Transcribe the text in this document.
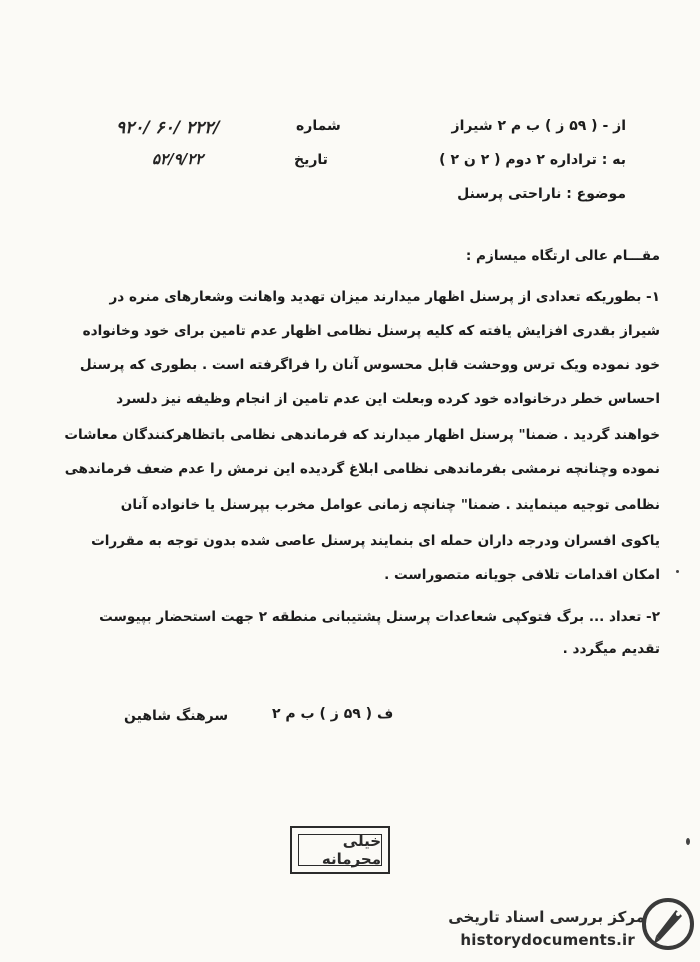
از - ( ۵۹ ز ) ب م ۲ شیراز
به : تراداره ۲ دوم ( ۲ ن ۲ )
موضوع : ناراحتی پرسنل
شماره
۹۲۰/ ۶۰/ ۲۲۲/
تاریخ
۵۲/۹/۲۲
مقـــام عالی ارتگاه میسازم :
۱- بطوریکه تعدادی از پرسنل اظهار میدارند میزان تهدید واهانت وشعارهای منره در
شیراز بقدری افزایش یافته که کلیه پرسنل نظامی اظهار عدم تامین برای خود وخانواده
خود نموده ویک ترس ووحشت قابل محسوس آنان را فراگرفته است . بطوری که پرسنل
احساس خطر درخانواده خود کرده وبعلت این عدم تامین از انجام وظیفه نیز دلسرد
خواهند گردید . ضمنا" پرسنل اظهار میدارند که فرماندهی نظامی باتظاهرکنندگان معاشات
نموده وچنانچه نرمشی بفرماندهی نظامی ابلاغ گردیده این نرمش را عدم ضعف فرماندهی
نظامی توجیه مینمایند . ضمنا" چنانچه زمانی عوامل مخرب بپرسنل یا خانواده آنان
یاکوی افسران ودرجه داران حمله ای بنمایند پرسنل عاصی شده بدون توجه به مقررات
امکان اقدامات تلافی جویانه متصوراست .
۲- تعداد ... برگ فتوکپی شعاعدات پرسنل پشتیبانی منطقه ۲ جهت استحضار بپیوست
تقدیم میگردد .
ف ( ۵۹ ز ) ب م ۲
سرهنگ شاهین
خیلی محرمانه
مرکز بررسی اسناد تاریخی
historydocuments.ir
